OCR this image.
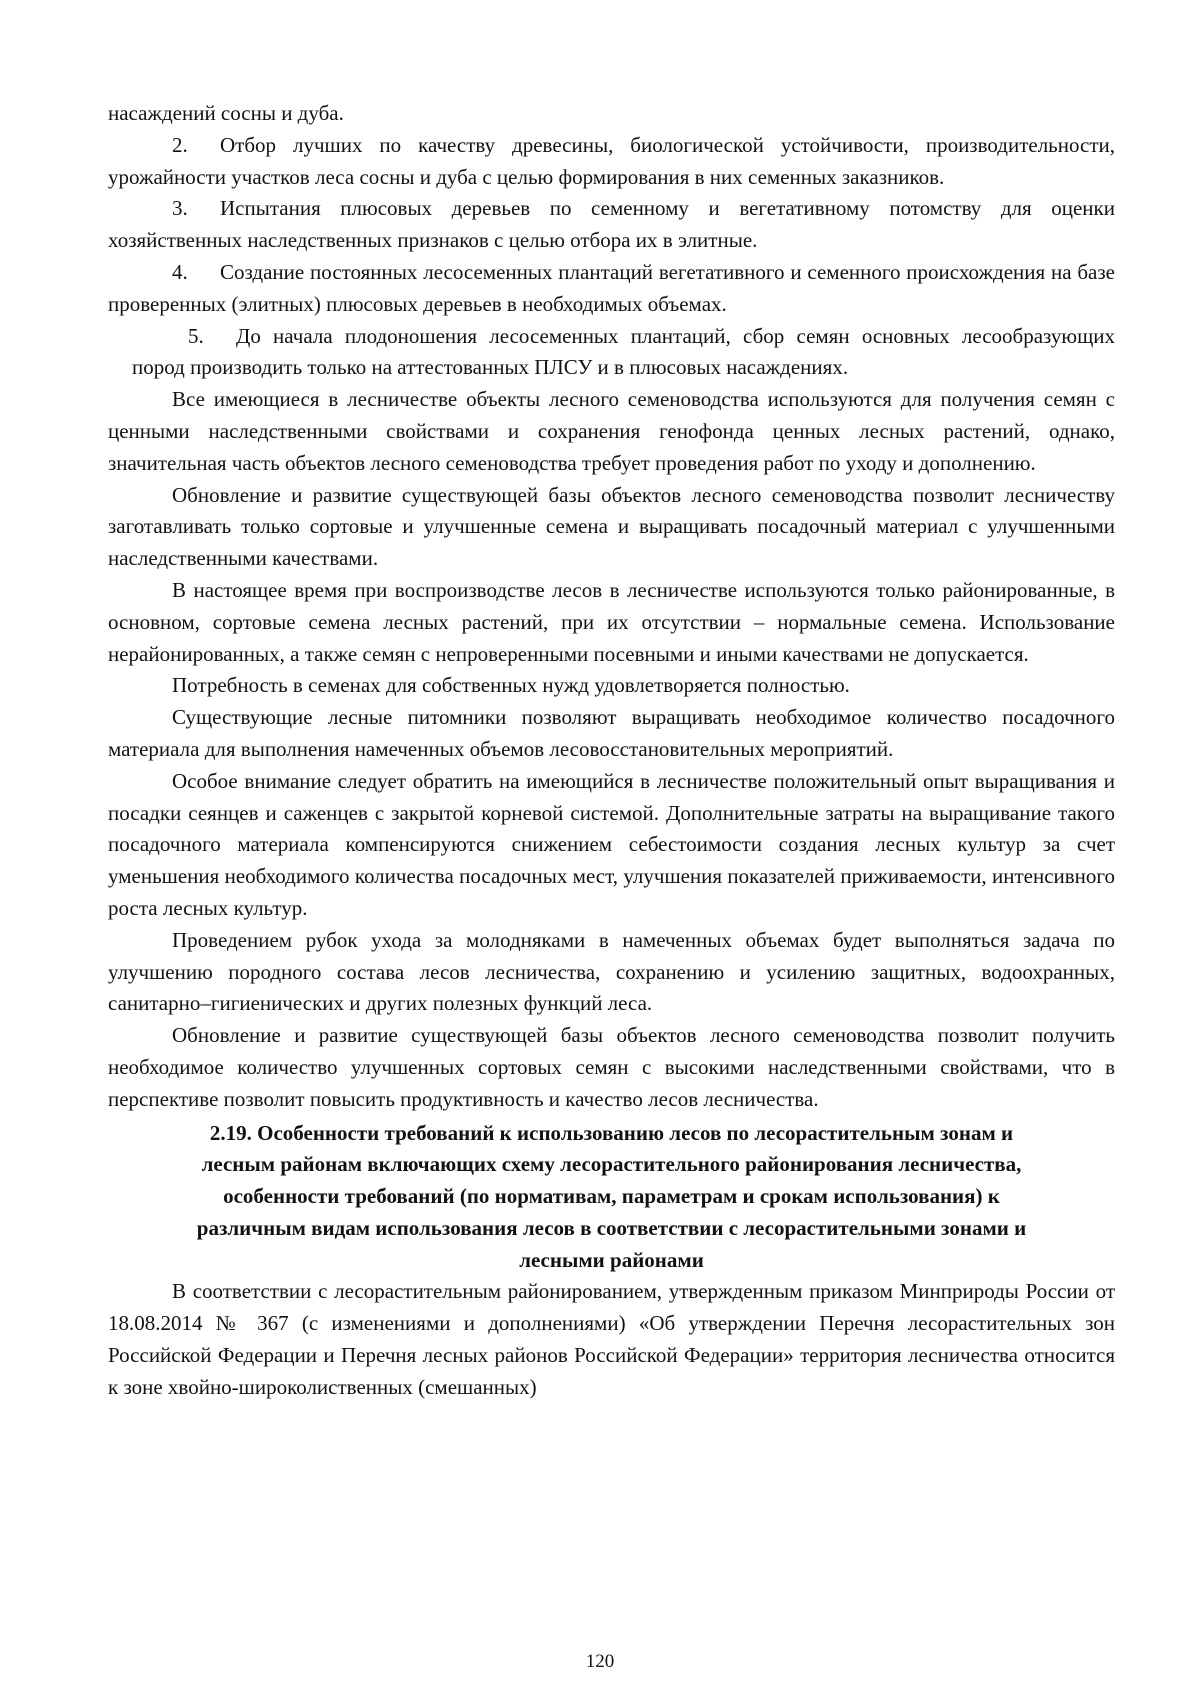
насаждений сосны и дуба.

2. Отбор лучших по качеству древесины, биологической устойчивости, производительности, урожайности участков леса сосны и дуба с целью формирования в них семенных заказников.

3. Испытания плюсовых деревьев по семенному и вегетативному потомству для оценки хозяйственных наследственных признаков с целью отбора их в элитные.

4. Создание постоянных лесосеменных плантаций вегетативного и семенного происхождения на базе проверенных (элитных) плюсовых деревьев в необходимых объемах.

5. До начала плодоношения лесосеменных плантаций, сбор семян основных лесообразующих пород производить только на аттестованных ПЛСУ и в плюсовых насаждениях.

Все имеющиеся в лесничестве объекты лесного семеноводства используются для получения семян с ценными наследственными свойствами и сохранения генофонда ценных лесных растений, однако, значительная часть объектов лесного семеноводства требует проведения работ по уходу и дополнению.

Обновление и развитие существующей базы объектов лесного семеноводства позволит лесничеству заготавливать только сортовые и улучшенные семена и выращивать посадочный материал с улучшенными наследственными качествами.

В настоящее время при воспроизводстве лесов в лесничестве используются только районированные, в основном, сортовые семена лесных растений, при их отсутствии – нормальные семена. Использование нерайонированных, а также семян с непроверенными посевными и иными качествами не допускается.

Потребность в семенах для собственных нужд удовлетворяется полностью.

Существующие лесные питомники позволяют выращивать необходимое количество посадочного материала для выполнения намеченных объемов лесовосстановительных мероприятий.

Особое внимание следует обратить на имеющийся в лесничестве положительный опыт выращивания и посадки сеянцев и саженцев с закрытой корневой системой. Дополнительные затраты на выращивание такого посадочного материала компенсируются снижением себестоимости создания лесных культур за счет уменьшения необходимого количества посадочных мест, улучшения показателей приживаемости, интенсивного роста лесных культур.

Проведением рубок ухода за молодняками в намеченных объемах будет выполняться задача по улучшению породного состава лесов лесничества, сохранению и усилению защитных, водоохранных, санитарно–гигиенических и других полезных функций леса.

Обновление и развитие существующей базы объектов лесного семеноводства позволит получить необходимое количество улучшенных сортовых семян с высокими наследственными свойствами, что в перспективе позволит повысить продуктивность и качество лесов лесничества.

2.19. Особенности требований к использованию лесов по лесорастительным зонам и
лесным районам включающих схему лесорастительного районирования лесничества,
особенности требований (по нормативам, параметрам и срокам использования) к
различным видам использования лесов в соответствии с лесорастительными зонами и
лесными районами

В соответствии с лесорастительным районированием, утвержденным приказом Минприроды России от 18.08.2014 № 367 (с изменениями и дополнениями) «Об утверждении Перечня лесорастительных зон Российской Федерации и Перечня лесных районов Российской Федерации» территория лесничества относится к зоне хвойно-широколиственных (смешанных)

120
